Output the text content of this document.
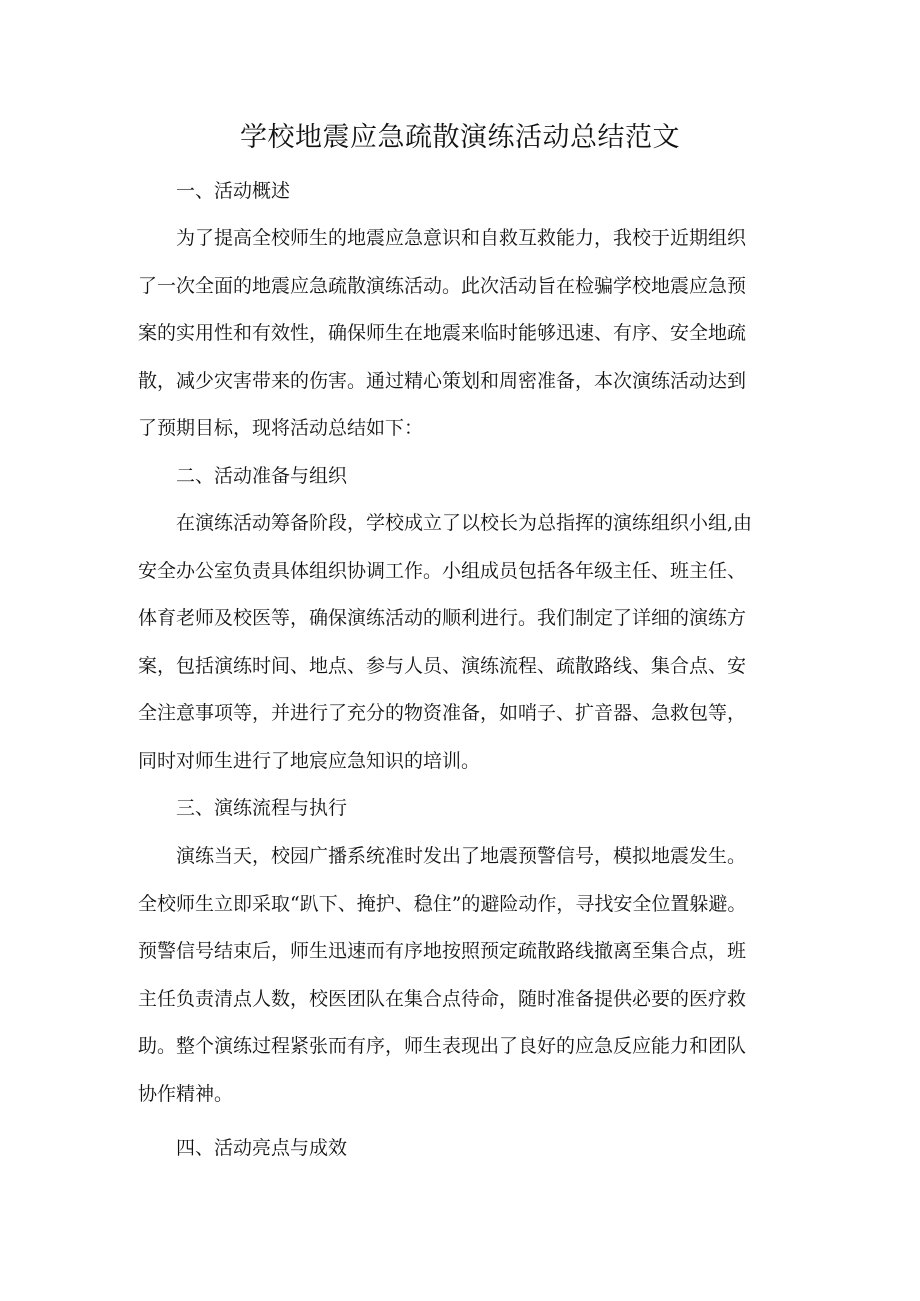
学校地震应急疏散演练活动总结范文
一、活动概述

为了提高全校师生的地震应急意识和自救互救能力，我校于近期组织
了一次全面的地震应急疏散演练活动。此次活动旨在检骗学校地震应急预
案的实用性和有效性，确保师生在地震来临时能够迅速、有序、安全地疏
散，减少灾害带来的伤害。通过精心策划和周密准备，本次演练活动达到
了预期目标，现将活动总结如下：

二、活动准备与组织

在演练活动筹备阶段，学校成立了以校长为总指挥的演练组织小组,由
安全办公室负责具体组织协调工作。小组成员包括各年级主任、班主任、
体育老师及校医等，确保演练活动的顺利进行。我们制定了详细的演练方
案，包括演练时间、地点、参与人员、演练流程、疏散路线、集合点、安
全注意事项等，并进行了充分的物资准备，如哨子、扩音器、急救包等，
同时对师生进行了地宸应急知识的培训。

三、演练流程与执行

演练当天，校园广播系统准时发出了地震预警信号，模拟地震发生。
全校师生立即采取“趴下、掩护、稳住”的避险动作，寻找安全位置躲避。
预警信号结束后，师生迅速而有序地按照预定疏散路线撤离至集合点，班
主任负责清点人数，校医团队在集合点待命，随时准备提供必要的医疗救
助。整个演练过程紧张而有序，师生表现出了良好的应急反应能力和团队
协作精神。

四、活动亮点与成效
